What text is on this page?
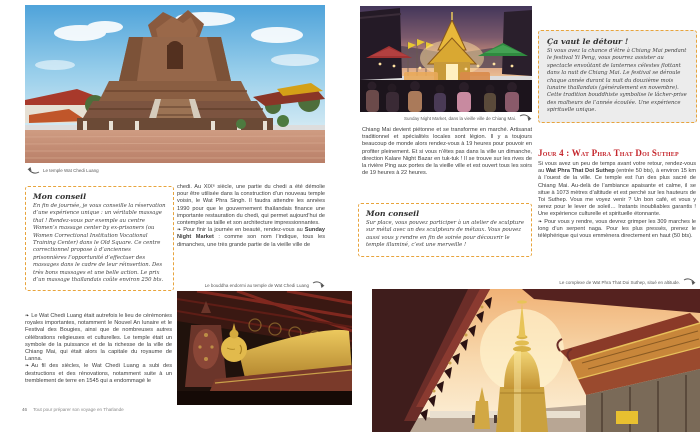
Le temple Wat Chedi Luang
Mon conseil
En fin de journée, je vous conseille la réservation d’une expérience unique : un véritable massage thaï ! Rendez-vous par exemple au centre Women’s massage center by ex-prisoners (ou Women Correctional Institution Vocational Training Center) dans le Old Square. Ce centre correctionnel propose à d’anciennes prisonnières l’opportunité d’effectuer des massages dans le cadre de leur réinsertion. Des très bons massages et une belle action. Le prix d’un massage thaïlandais coûte environ 250 bts.

❧ Le Wat Chedi Luang était autrefois le lieu de cérémonies royales importantes, notamment le Nouvel An lunaire et le Festival des Bougies, ainsi que de nombreuses autres célébrations religieuses et culturelles. Le temple était un symbole de la puissance et de la richesse de la ville de Chiang Mai, qui était alors la capitale du royaume de Lanna.

❧ Au fil des siècles, le Wat Chedi Luang a subi des destructions et des rénovations, notamment suite à un tremblement de terre en 1545 qui a endommagé le

chedi. Au XIXᵉ siècle, une partie du chedi a été démolie pour être utilisée dans la construction d’un nouveau temple voisin, le Wat Phra Singh. Il faudra attendre les années 1990 pour que le gouvernement thaïlandais finance une importante restauration du chedi, qui permet aujourd’hui de contempler sa taille et son architecture impressionnantes.

❧ Pour finir la journée en beauté, rendez-vous au Sunday Night Market : comme son nom l’indique, tous les dimanches, une très grande partie de la vieille ville de

Le bouddha endormi au temple de Wat Chedi Luang
46 Tout pour préparer son voyage en Thaïlande
Sunday Night Market, dans la vieille ville de Chiang Mai.

Chiang Mai devient piétonne et se transforme en marché. Artisanat traditionnel et spécialités locales sont légion. Il y a toujours beaucoup de monde alors rendez-vous à 19 heures pour pouvoir en profiter pleinement. Et si vous n’êtes pas dans la ville un dimanche, direction Kalare Night Bazar en tuk-tuk ! Il se trouve sur les rives de la rivière Ping aux portes de la vieille ville et est ouvert tous les soirs de 19 heures à 22 heures.

Mon conseil
Sur place, vous pouvez participer à un atelier de sculpture sur métal avec un des sculpteurs de métaux. Vous pouvez aussi vous y rendre en fin de soirée pour découvrir le temple illuminé, c’est une merveille !
Ça vaut le détour !
Si vous avez la chance d’être à Chiang Mai pendant le festival Yi Peng, vous pourrez assister au spectacle envoûtant de lanternes célestes flottant dans la nuit de Chiang Mai. Le festival se déroule chaque année durant la nuit du douzième mois lunaire thaïlandais (généralement en novembre).
Cette tradition bouddhiste symbolise le lâcher-prise des malheurs de l’année écoulée. Une expérience spirituelle unique.
Jour 4 : Wat Phra That Doi Suthep

Si vous avez un peu de temps avant votre retour, rendez-vous au Wat Phra That Doi Suthep (entrée 50 bts), à environ 15 km à l’ouest de la ville. Ce temple est l’un des plus sacré de Chiang Mai. Au-delà de l’ambiance apaisante et calme, il se situe à 1073 mètres d’altitude et est perché sur les hauteurs de Toi Suthep. Vous me voyez venir ? Un bon café, et vous y serez pour le lever de soleil… Instants inoubliables garantis ! Une expérience culturelle et spirituelle étonnante.

❧ Pour vous y rendre, vous devrez grimper les 309 marches le long d’un serpent naga. Pour les plus pressés, prenez le téléphérique qui vous emmènera directement en haut (50 bts).

Le complexe de Wat Phra That Doi Suthep, situé en altitude.
